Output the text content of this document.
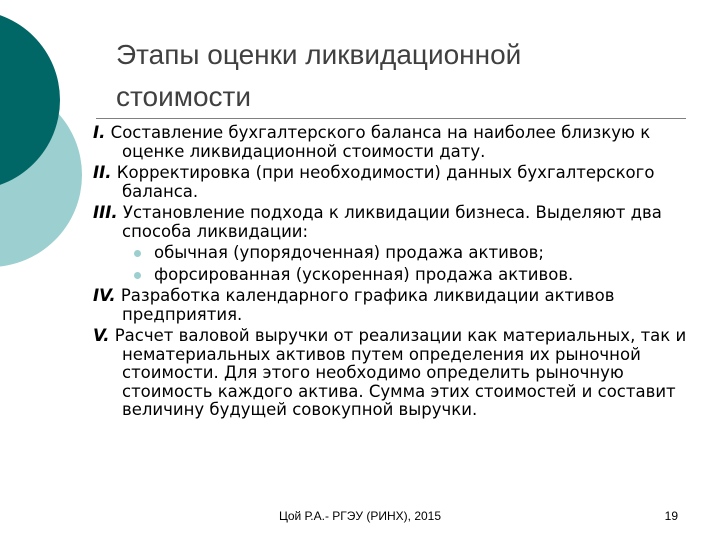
Этапы оценки ликвидационной стоимости

I. Составление бухгалтерского баланса на наиболее близкую к оценке ликвидационной стоимости дату.

II. Корректировка (при необходимости) данных бухгалтерского баланса.

III. Установление подхода к ликвидации бизнеса. Выделяют два способа ликвидации:

обычная (упорядоченная) продажа активов;

форсированная (ускоренная) продажа активов.

IV. Разработка календарного графика ликвидации активов предприятия.

V. Расчет валовой выручки от реализации как материальных, так и нематериальных активов путем определения их рыночной стоимости. Для этого необходимо определить рыночную стоимость каждого актива. Сумма этих стоимостей и составит величину будущей совокупной выручки.

Цой Р.А.- РГЭУ (РИНХ), 2015	19
